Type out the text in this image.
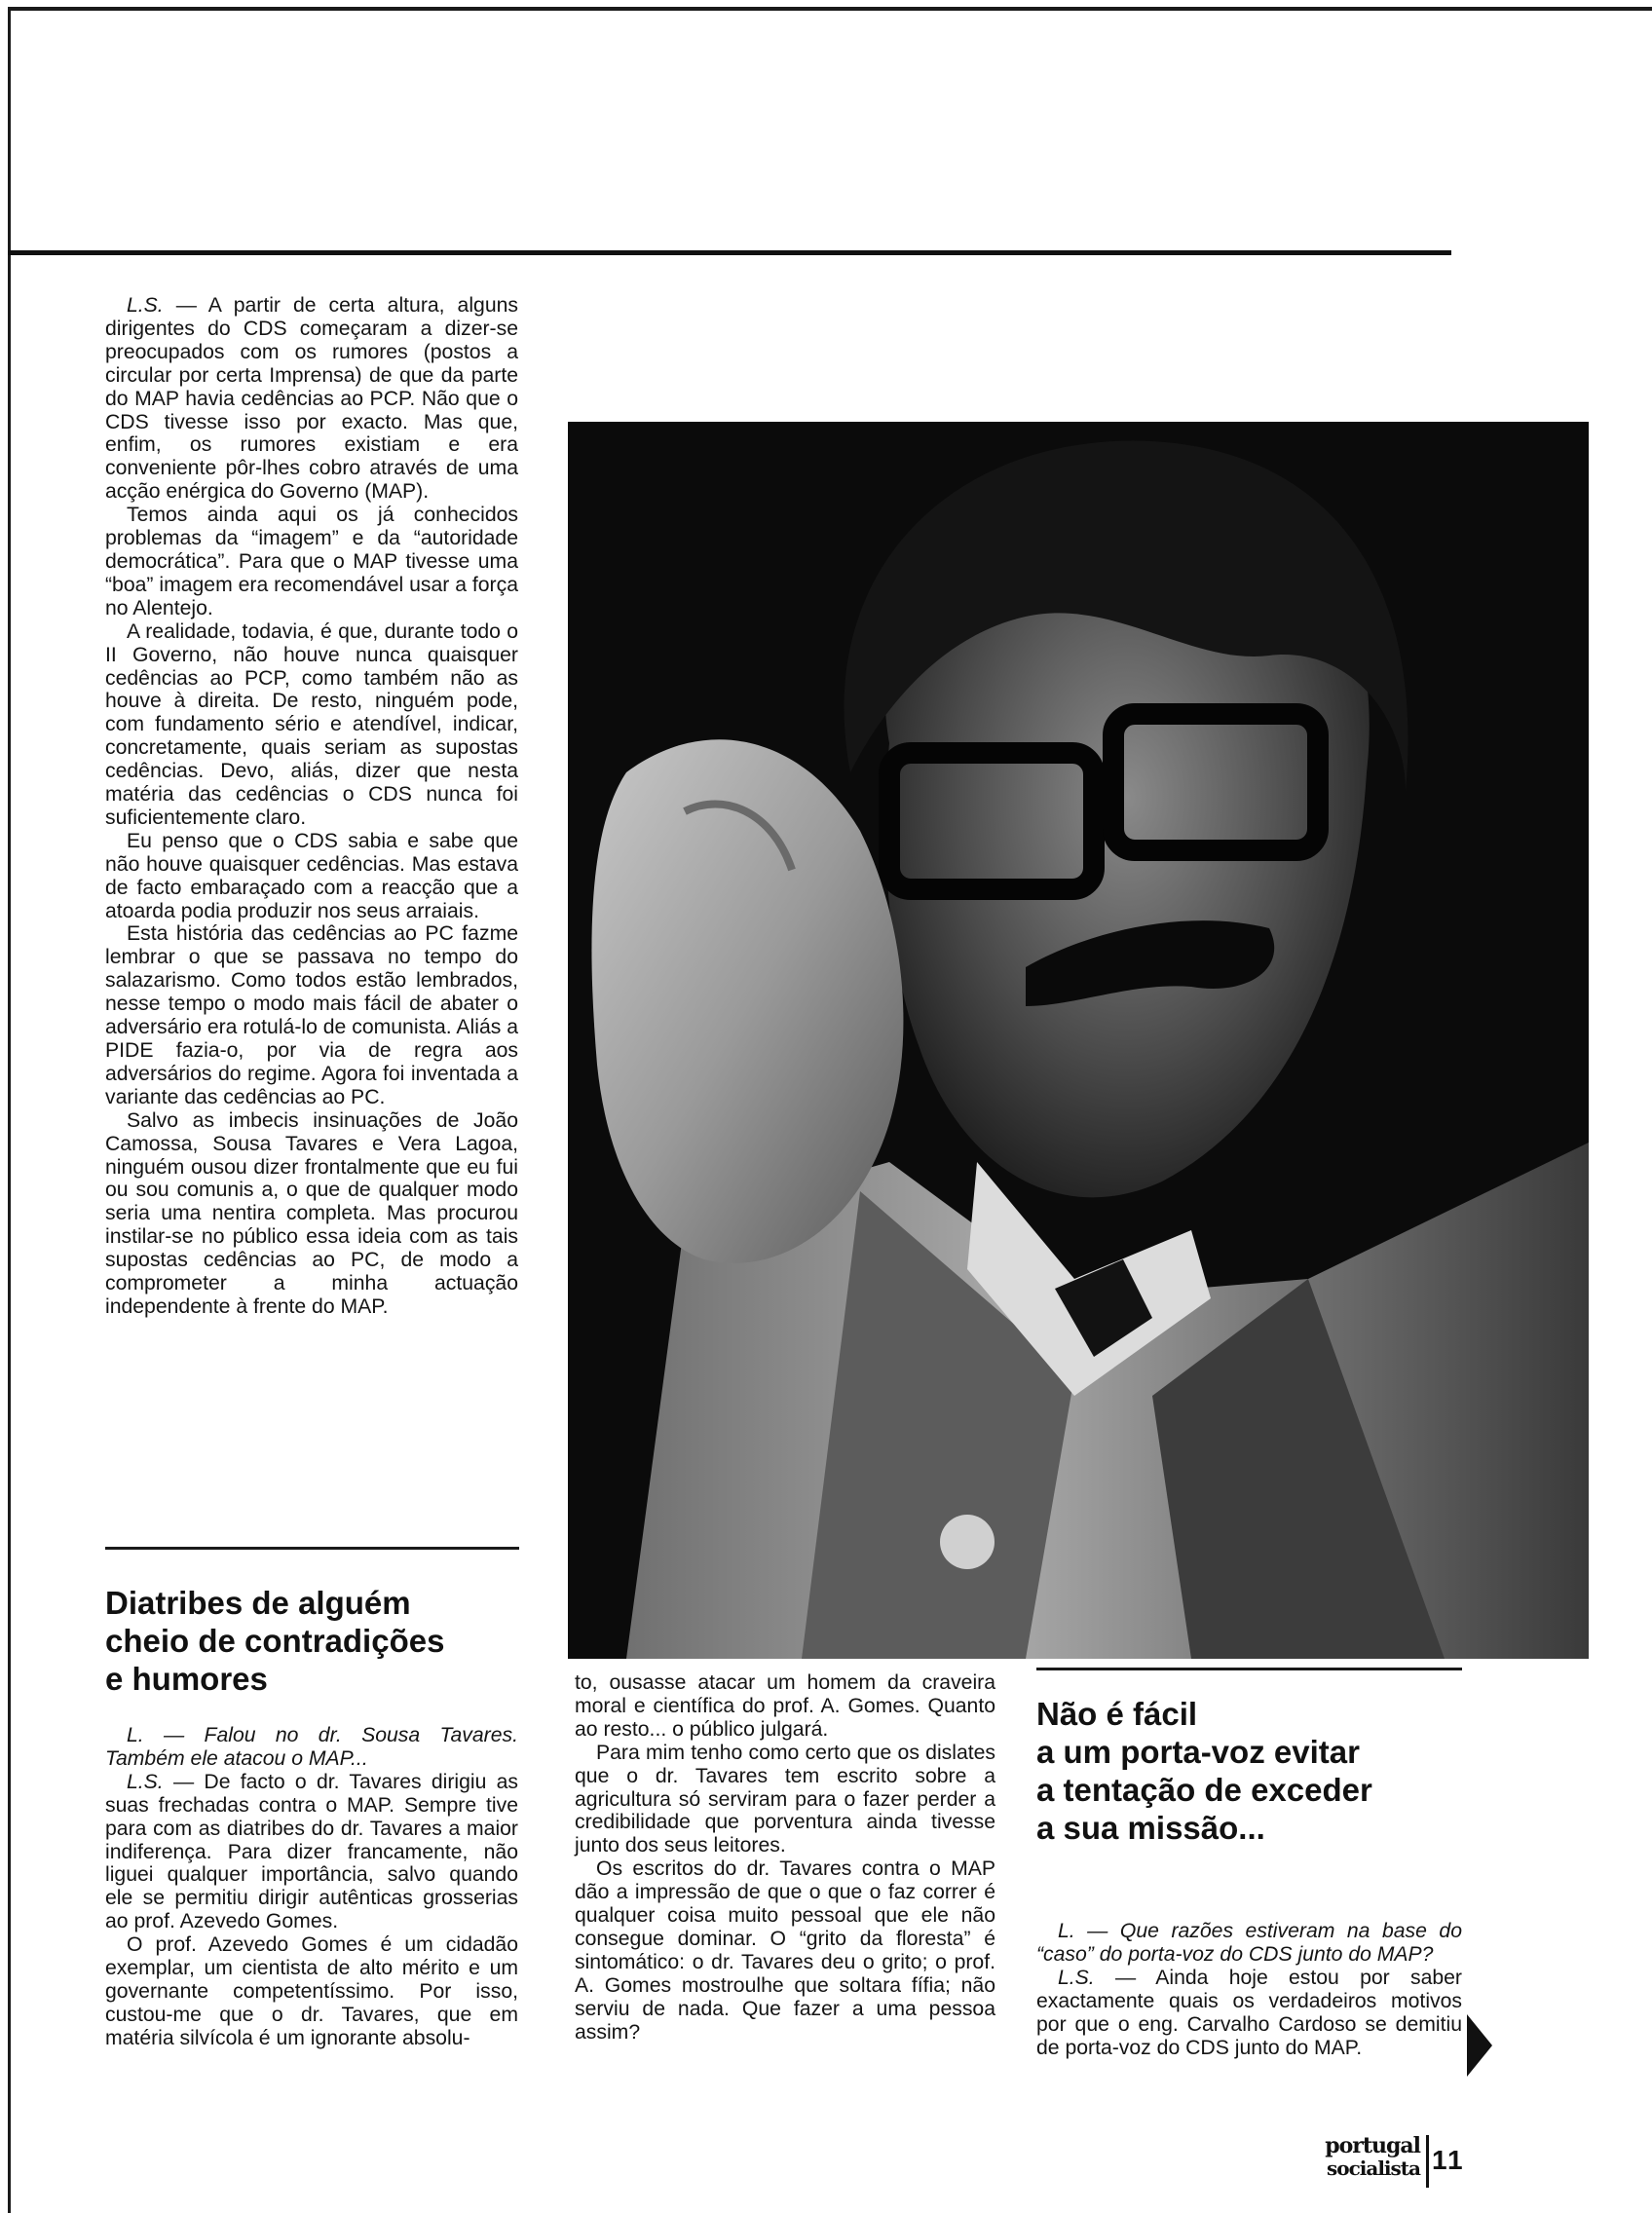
L.S. — A partir de certa altura, alguns dirigentes do CDS começaram a dizer-se preocupados com os rumores (postos a circular por certa Imprensa) de que da parte do MAP havia cedências ao PCP. Não que o CDS tivesse isso por exacto. Mas que, enfim, os rumores existiam e era conveniente pôr-lhes cobro através de uma acção enérgica do Governo (MAP).

Temos ainda aqui os já conhecidos problemas da “imagem” e da “autoridade democrática”. Para que o MAP tivesse uma “boa” imagem era recomendável usar a força no Alentejo.

A realidade, todavia, é que, durante todo o II Governo, não houve nunca quaisquer cedências ao PCP, como também não as houve à direita. De resto, ninguém pode, com fundamento sério e atendível, indicar, concretamente, quais seriam as supostas cedências. Devo, aliás, dizer que nesta matéria das cedências o CDS nunca foi suficientemente claro.

Eu penso que o CDS sabia e sabe que não houve quaisquer cedências. Mas estava de facto embaraçado com a reacção que a atoarda podia produzir nos seus arraiais.

Esta história das cedências ao PC fazme lembrar o que se passava no tempo do salazarismo. Como todos estão lembrados, nesse tempo o modo mais fácil de abater o adversário era rotulá-lo de comunista. Aliás a PIDE fazia-o, por via de regra aos adversários do regime. Agora foi inventada a variante das cedências ao PC.

Salvo as imbecis insinuações de João Camossa, Sousa Tavares e Vera Lagoa, ninguém ousou dizer frontalmente que eu fui ou sou comunis a, o que de qualquer modo seria uma nentira completa. Mas procurou instilar-se no público essa ideia com as tais supostas cedências ao PC, de modo a comprometer a minha actuação independente à frente do MAP.

Diatribes de alguém
cheio de contradições
e humores

L. — Falou no dr. Sousa Tavares. Também ele atacou o MAP...

L.S. — De facto o dr. Tavares dirigiu as suas frechadas contra o MAP. Sempre tive para com as diatribes do dr. Tavares a maior indiferença. Para dizer francamente, não liguei qualquer importância, salvo quando ele se permitiu dirigir autênticas grosserias ao prof. Azevedo Gomes.

O prof. Azevedo Gomes é um cidadão exemplar, um cientista de alto mérito e um governante competentíssimo. Por isso, custou-me que o dr. Tavares, que em matéria silvícola é um ignorante absolu-

to, ousasse atacar um homem da craveira moral e científica do prof. A. Gomes. Quanto ao resto... o público julgará.

Para mim tenho como certo que os dislates que o dr. Tavares tem escrito sobre a agricultura só serviram para o fazer perder a credibilidade que porventura ainda tivesse junto dos seus leitores.

Os escritos do dr. Tavares contra o MAP dão a impressão de que o que o faz correr é qualquer coisa muito pessoal que ele não consegue dominar. O “grito da floresta” é sintomático: o dr. Tavares deu o grito; o prof. A. Gomes mostroulhe que soltara fífia; não serviu de nada. Que fazer a uma pessoa assim?

Não é fácil
a um porta-voz evitar
a tentação de exceder
a sua missão...

L. — Que razões estiveram na base do “caso” do porta-voz do CDS junto do MAP?

L.S. — Ainda hoje estou por saber exactamente quais os verdadeiros motivos por que o eng. Carvalho Cardoso se demitiu de porta-voz do CDS junto do MAP.

portugal
socialista 11
